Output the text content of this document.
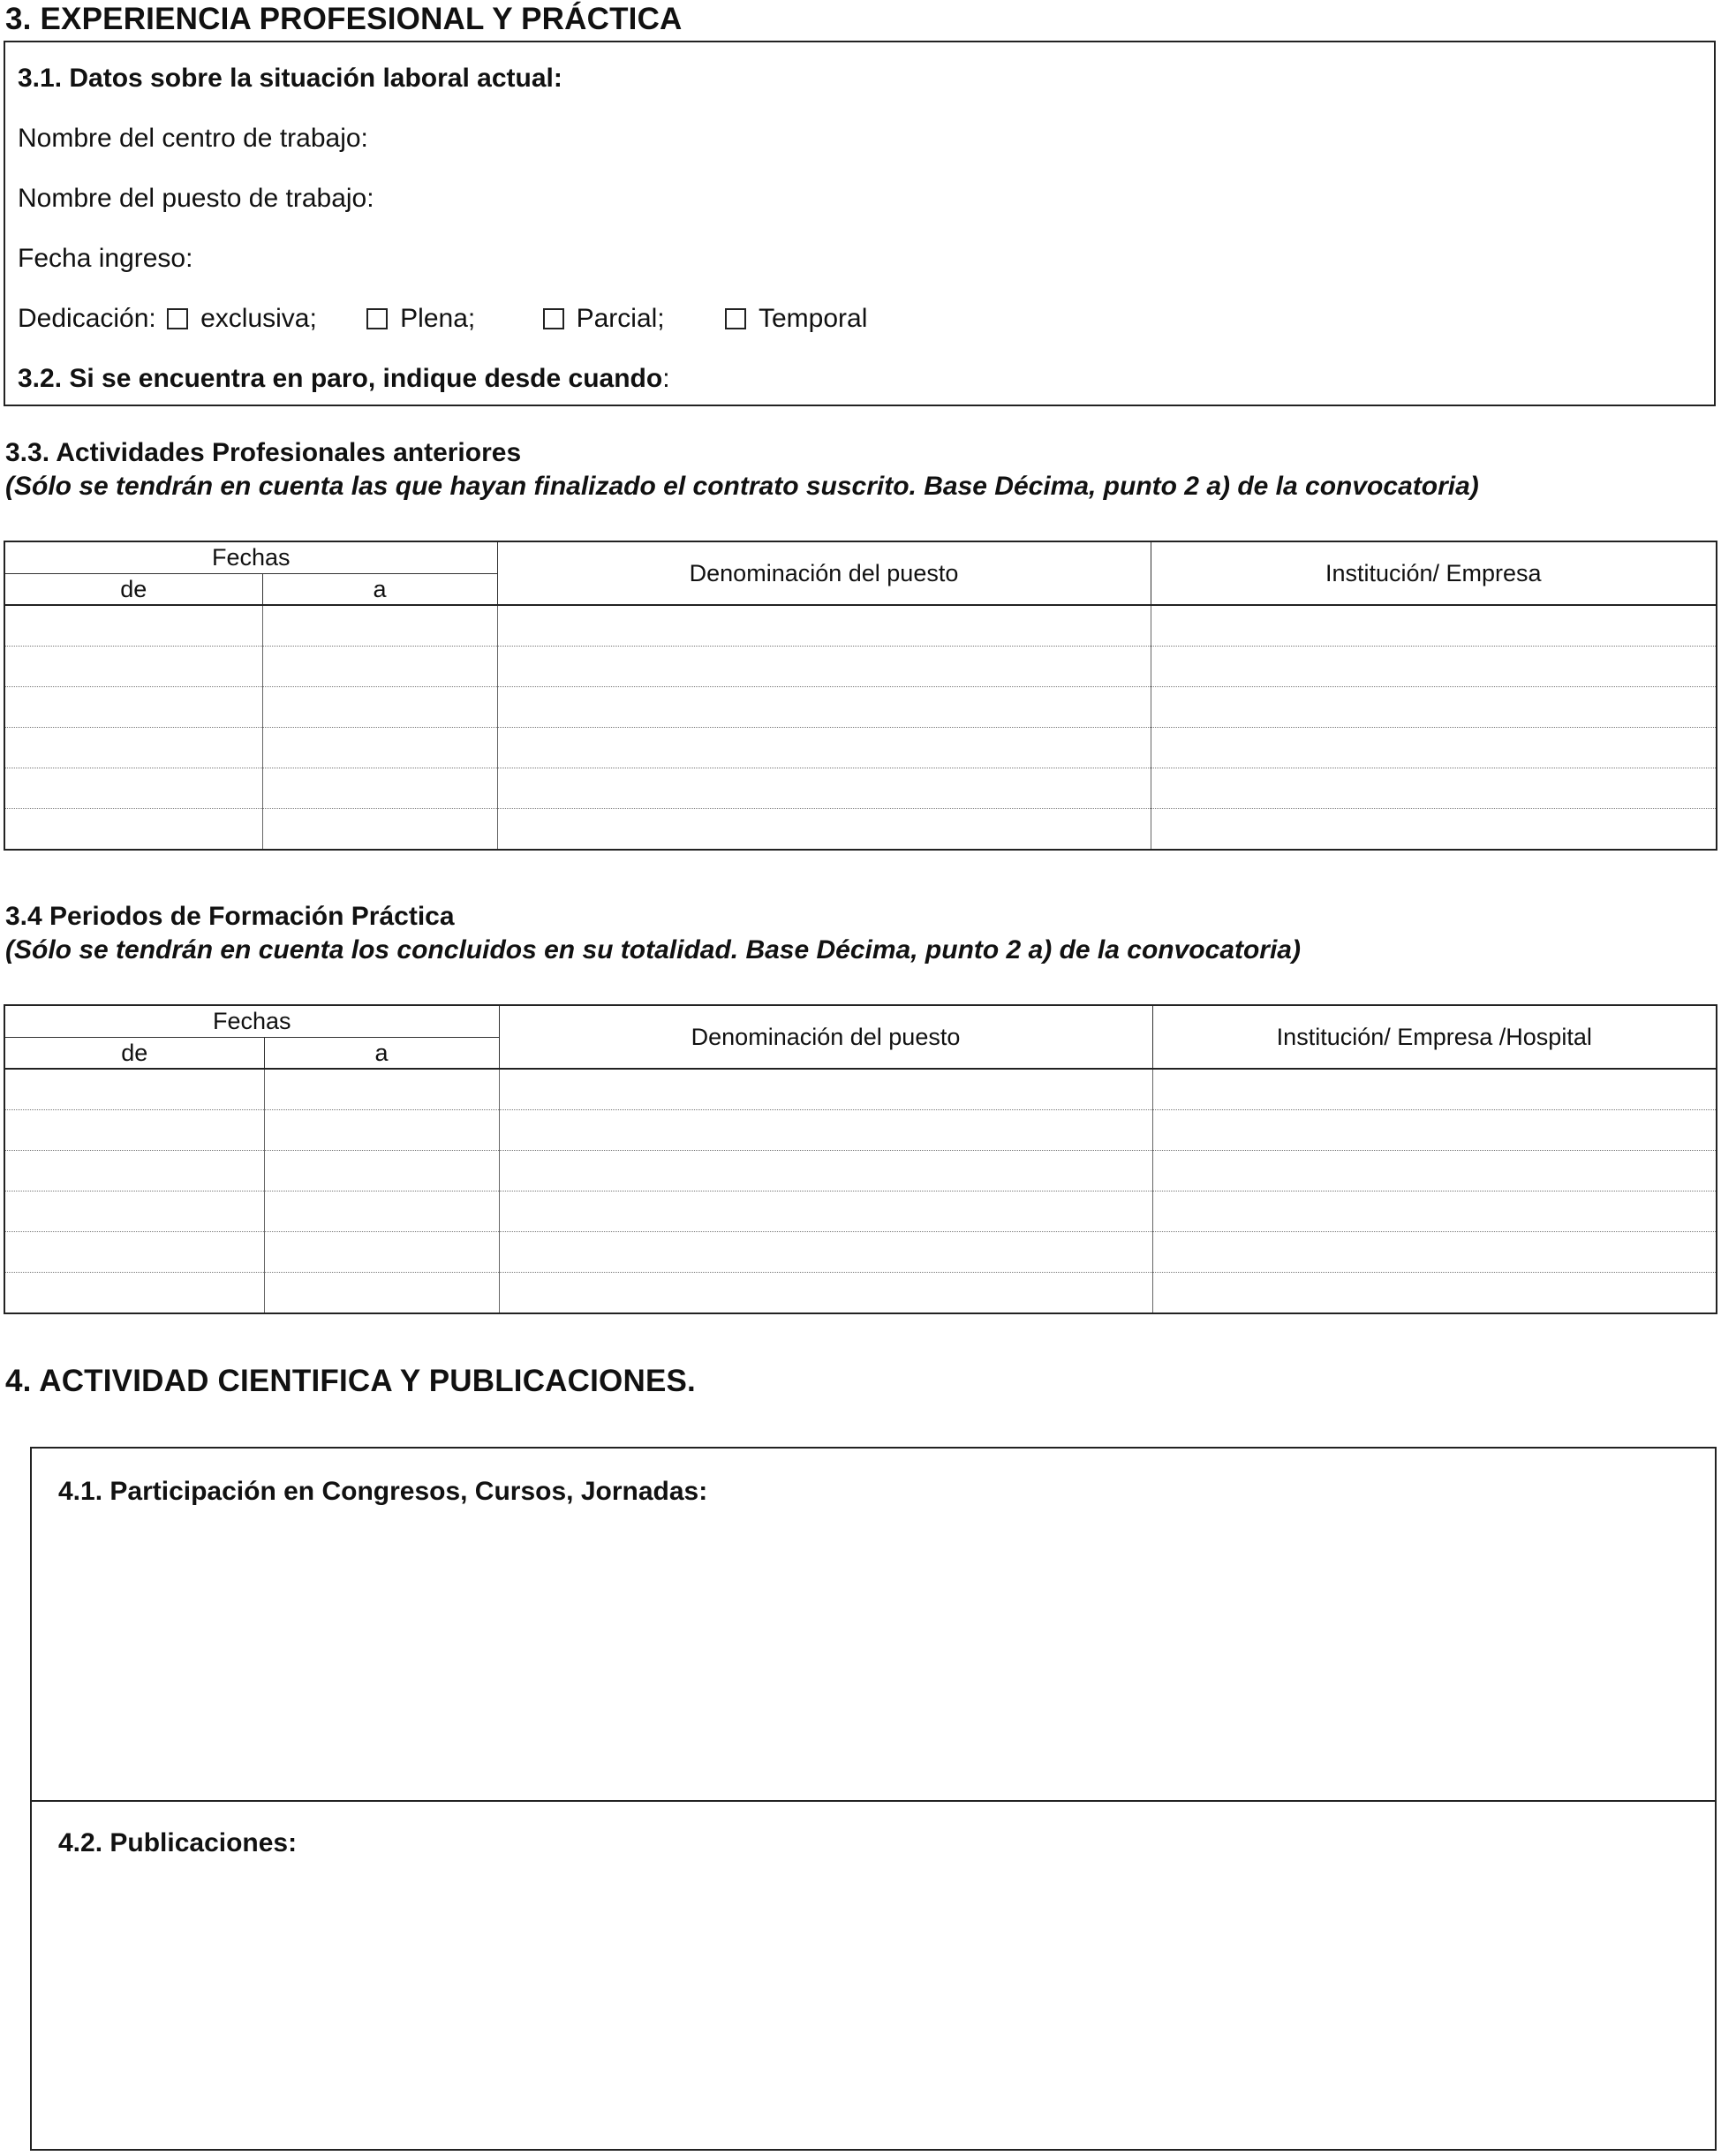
3. EXPERIENCIA PROFESIONAL Y PRÁCTICA
3.1. Datos sobre la situación laboral actual:
Nombre del centro de trabajo:
Nombre del puesto de trabajo:
Fecha ingreso:
Dedicación: exclusiva;	Plena;	Parcial;	Temporal
3.2. Si se encuentra en paro, indique desde cuando:
3.3. Actividades Profesionales anteriores
(Sólo se tendrán en cuenta las que hayan finalizado el contrato suscrito. Base Décima, punto 2 a) de la convocatoria)
Fechas		Denominación del puesto	Institución/ Empresa
de	a		

3.4 Periodos de Formación Práctica
(Sólo se tendrán en cuenta los concluidos en su totalidad. Base Décima, punto 2 a) de la convocatoria)
Fechas		Denominación del puesto	Institución/ Empresa /Hospital
de	a		

4. ACTIVIDAD CIENTIFICA Y PUBLICACIONES.
4.1. Participación en Congresos, Cursos, Jornadas:
4.2. Publicaciones:
